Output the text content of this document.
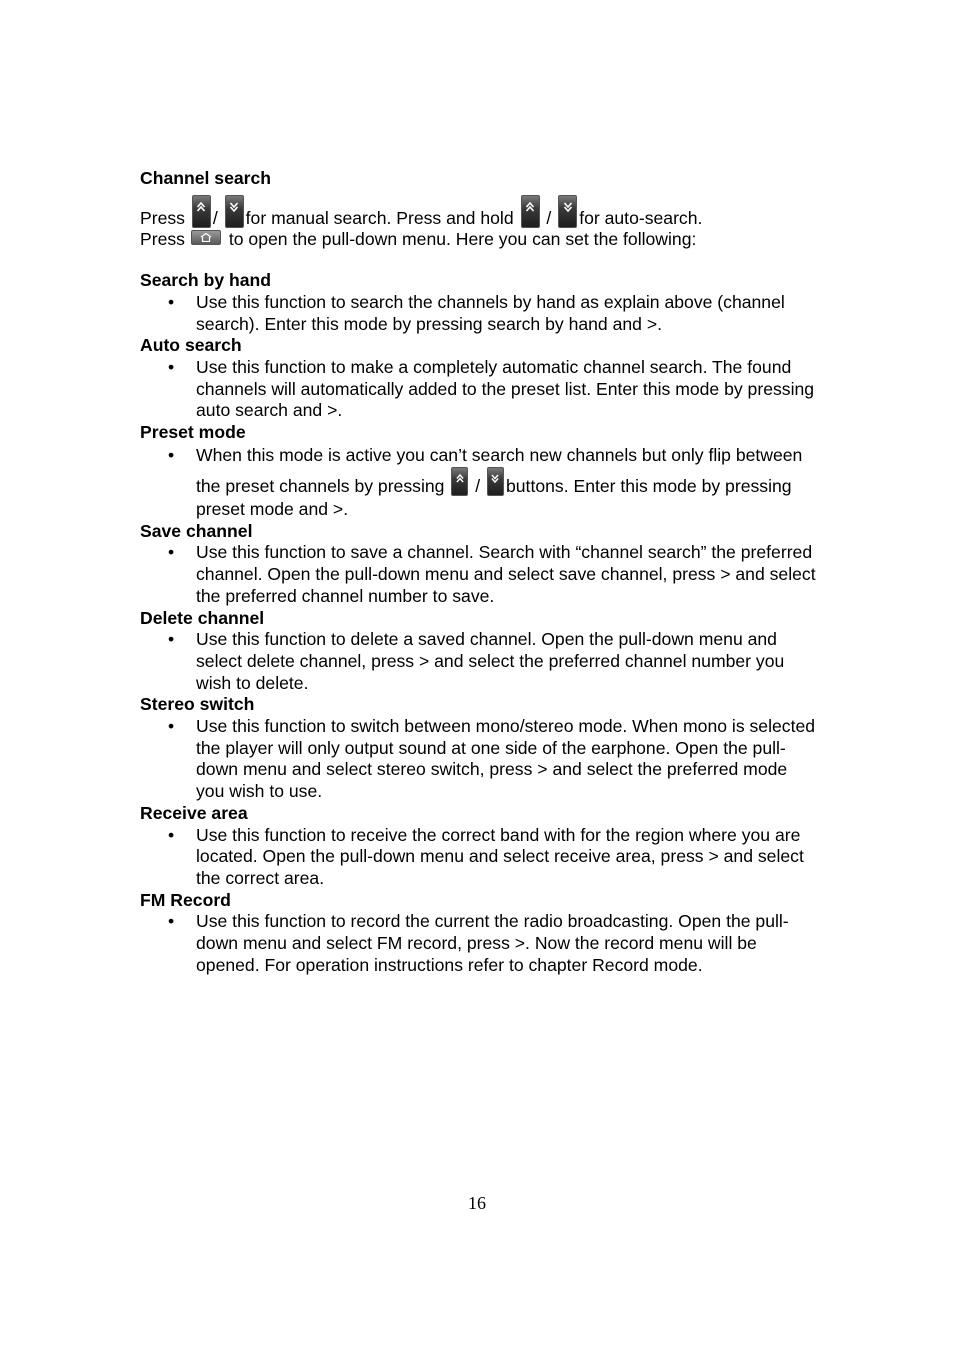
Channel search
Press / for manual search. Press and hold / for auto-search.
Press to open the pull-down menu. Here you can set the following:
Search by hand
• Use this function to search the channels by hand as explain above (channel search). Enter this mode by pressing search by hand and >.
Auto search
• Use this function to make a completely automatic channel search. The found channels will automatically added to the preset list. Enter this mode by pressing auto search and >.
Preset mode
• When this mode is active you can’t search new channels but only flip between the preset channels by pressing / buttons. Enter this mode by pressing preset mode and >.
Save channel
• Use this function to save a channel. Search with “channel search” the preferred channel. Open the pull-down menu and select save channel, press > and select the preferred channel number to save.
Delete channel
• Use this function to delete a saved channel. Open the pull-down menu and select delete channel, press > and select the preferred channel number you wish to delete.
Stereo switch
• Use this function to switch between mono/stereo mode. When mono is selected the player will only output sound at one side of the earphone. Open the pull-down menu and select stereo switch, press > and select the preferred mode you wish to use.
Receive area
• Use this function to receive the correct band with for the region where you are located. Open the pull-down menu and select receive area, press > and select the correct area.
FM Record
• Use this function to record the current the radio broadcasting. Open the pull-down menu and select FM record, press >. Now the record menu will be opened. For operation instructions refer to chapter Record mode.
16
